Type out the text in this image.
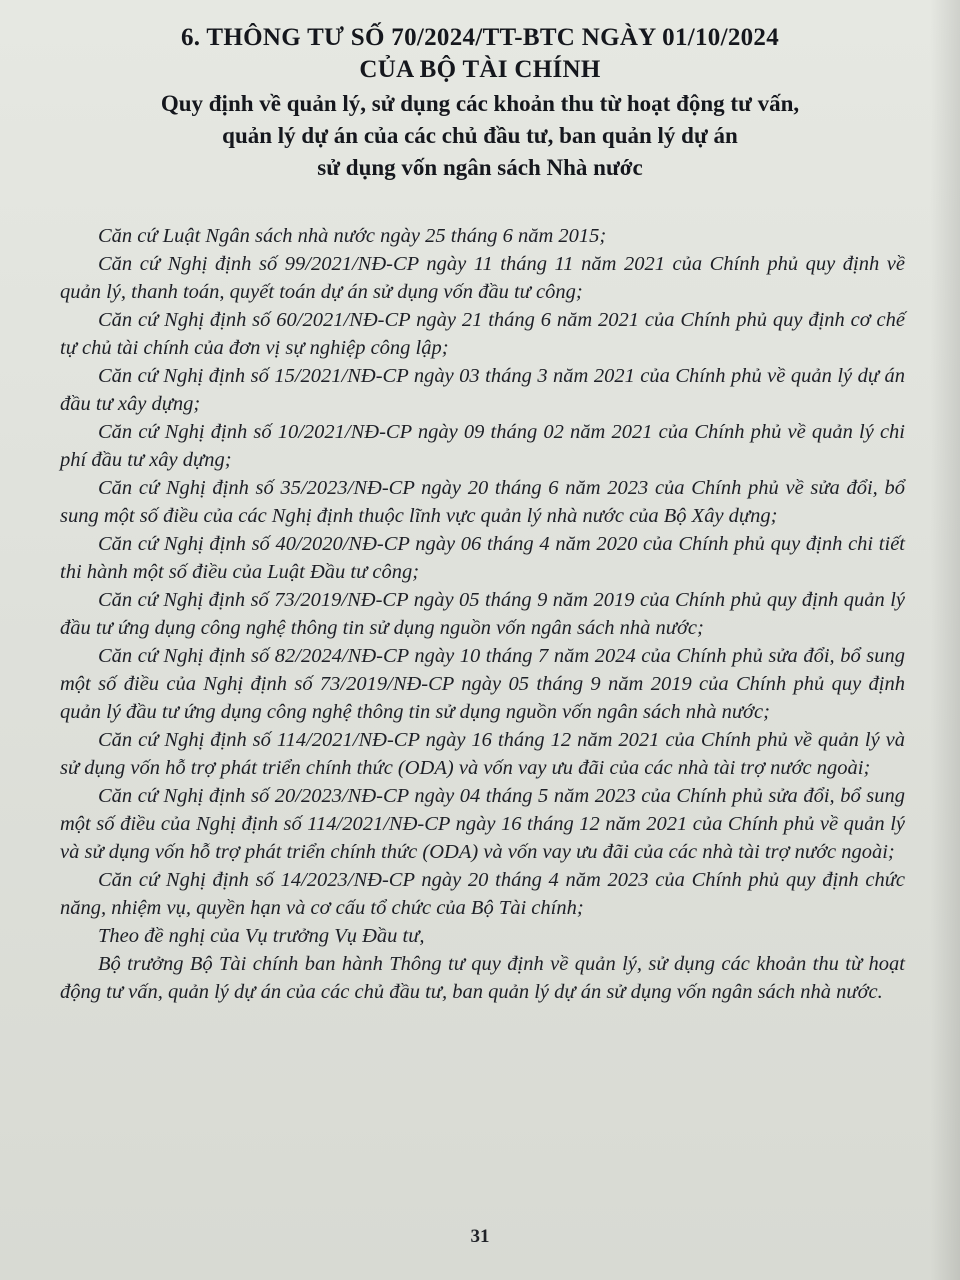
6. THÔNG TƯ SỐ 70/2024/TT-BTC NGÀY 01/10/2024
CỦA BỘ TÀI CHÍNH
Quy định về quản lý, sử dụng các khoản thu từ hoạt động tư vấn,
quản lý dự án của các chủ đầu tư, ban quản lý dự án
sử dụng vốn ngân sách Nhà nước

Căn cứ Luật Ngân sách nhà nước ngày 25 tháng 6 năm 2015;

Căn cứ Nghị định số 99/2021/NĐ-CP ngày 11 tháng 11 năm 2021 của Chính phủ quy định về quản lý, thanh toán, quyết toán dự án sử dụng vốn đầu tư công;

Căn cứ Nghị định số 60/2021/NĐ-CP ngày 21 tháng 6 năm 2021 của Chính phủ quy định cơ chế tự chủ tài chính của đơn vị sự nghiệp công lập;

Căn cứ Nghị định số 15/2021/NĐ-CP ngày 03 tháng 3 năm 2021 của Chính phủ về quản lý dự án đầu tư xây dựng;

Căn cứ Nghị định số 10/2021/NĐ-CP ngày 09 tháng 02 năm 2021 của Chính phủ về quản lý chi phí đầu tư xây dựng;

Căn cứ Nghị định số 35/2023/NĐ-CP ngày 20 tháng 6 năm 2023 của Chính phủ về sửa đổi, bổ sung một số điều của các Nghị định thuộc lĩnh vực quản lý nhà nước của Bộ Xây dựng;

Căn cứ Nghị định số 40/2020/NĐ-CP ngày 06 tháng 4 năm 2020 của Chính phủ quy định chi tiết thi hành một số điều của Luật Đầu tư công;

Căn cứ Nghị định số 73/2019/NĐ-CP ngày 05 tháng 9 năm 2019 của Chính phủ quy định quản lý đầu tư ứng dụng công nghệ thông tin sử dụng nguồn vốn ngân sách nhà nước;

Căn cứ Nghị định số 82/2024/NĐ-CP ngày 10 tháng 7 năm 2024 của Chính phủ sửa đổi, bổ sung một số điều của Nghị định số 73/2019/NĐ-CP ngày 05 tháng 9 năm 2019 của Chính phủ quy định quản lý đầu tư ứng dụng công nghệ thông tin sử dụng nguồn vốn ngân sách nhà nước;

Căn cứ Nghị định số 114/2021/NĐ-CP ngày 16 tháng 12 năm 2021 của Chính phủ về quản lý và sử dụng vốn hỗ trợ phát triển chính thức (ODA) và vốn vay ưu đãi của các nhà tài trợ nước ngoài;

Căn cứ Nghị định số 20/2023/NĐ-CP ngày 04 tháng 5 năm 2023 của Chính phủ sửa đổi, bổ sung một số điều của Nghị định số 114/2021/NĐ-CP ngày 16 tháng 12 năm 2021 của Chính phủ về quản lý và sử dụng vốn hỗ trợ phát triển chính thức (ODA) và vốn vay ưu đãi của các nhà tài trợ nước ngoài;

Căn cứ Nghị định số 14/2023/NĐ-CP ngày 20 tháng 4 năm 2023 của Chính phủ quy định chức năng, nhiệm vụ, quyền hạn và cơ cấu tổ chức của Bộ Tài chính;

Theo đề nghị của Vụ trưởng Vụ Đầu tư,

Bộ trưởng Bộ Tài chính ban hành Thông tư quy định về quản lý, sử dụng các khoản thu từ hoạt động tư vấn, quản lý dự án của các chủ đầu tư, ban quản lý dự án sử dụng vốn ngân sách nhà nước.

31
